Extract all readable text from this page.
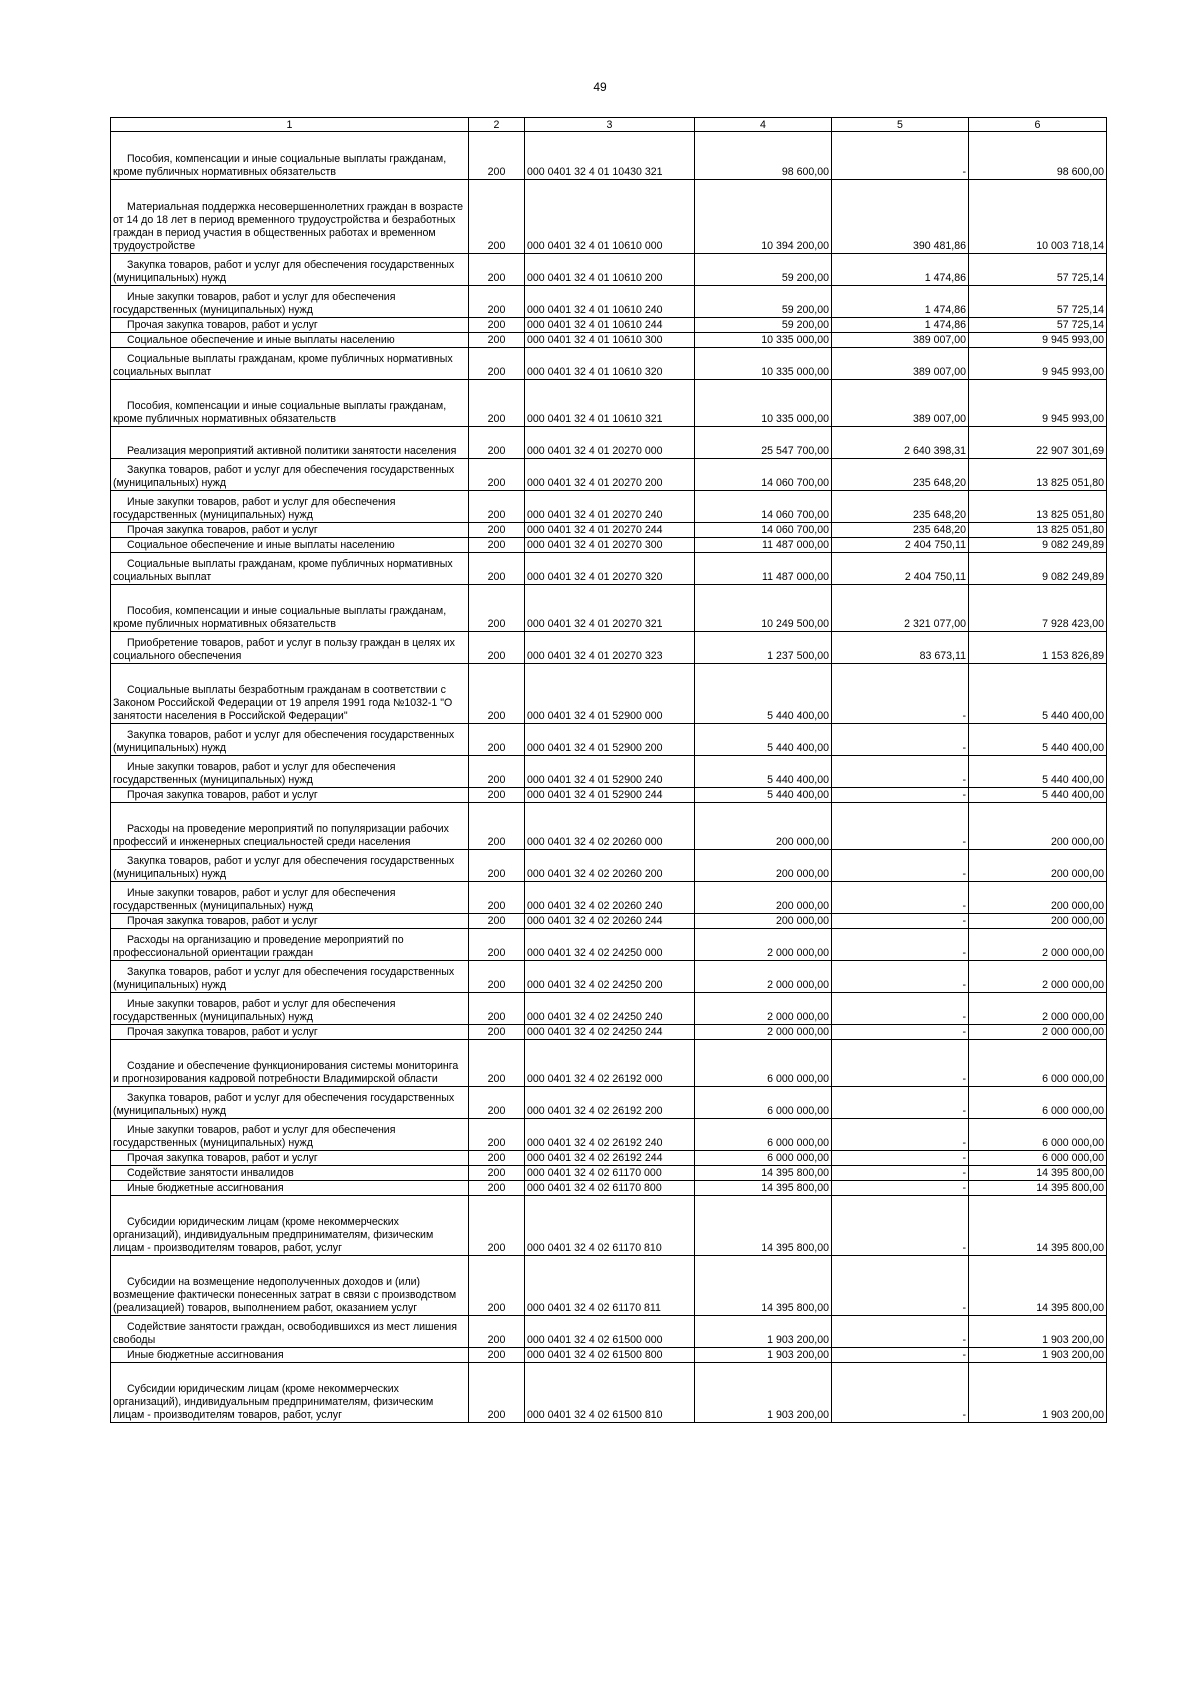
49
1	2	3	4	5	6

Пособия, компенсации и иные социальные выплаты гражданам, кроме публичных нормативных обязательств	200	000 0401 32 4 01 10430 321	98 600,00	-	98 600,00

Материальная поддержка несовершеннолетних граждан в возрасте от 14 до 18 лет в период временного трудоустройства и безработных граждан в период участия в общественных работах и временном трудоустройстве	200	000 0401 32 4 01 10610 000	10 394 200,00	390 481,86	10 003 718,14

Закупка товаров, работ и услуг для обеспечения государственных (муниципальных) нужд	200	000 0401 32 4 01 10610 200	59 200,00	1 474,86	57 725,14

Иные закупки товаров, работ и услуг для обеспечения государственных (муниципальных) нужд	200	000 0401 32 4 01 10610 240	59 200,00	1 474,86	57 725,14

Прочая закупка товаров, работ и услуг	200	000 0401 32 4 01 10610 244	59 200,00	1 474,86	57 725,14

Социальное обеспечение и иные выплаты населению	200	000 0401 32 4 01 10610 300	10 335 000,00	389 007,00	9 945 993,00

Социальные выплаты гражданам, кроме публичных нормативных социальных выплат	200	000 0401 32 4 01 10610 320	10 335 000,00	389 007,00	9 945 993,00

Пособия, компенсации и иные социальные выплаты гражданам, кроме публичных нормативных обязательств	200	000 0401 32 4 01 10610 321	10 335 000,00	389 007,00	9 945 993,00

Реализация мероприятий активной политики занятости населения	200	000 0401 32 4 01 20270 000	25 547 700,00	2 640 398,31	22 907 301,69

Закупка товаров, работ и услуг для обеспечения государственных (муниципальных) нужд	200	000 0401 32 4 01 20270 200	14 060 700,00	235 648,20	13 825 051,80

Иные закупки товаров, работ и услуг для обеспечения государственных (муниципальных) нужд	200	000 0401 32 4 01 20270 240	14 060 700,00	235 648,20	13 825 051,80

Прочая закупка товаров, работ и услуг	200	000 0401 32 4 01 20270 244	14 060 700,00	235 648,20	13 825 051,80

Социальное обеспечение и иные выплаты населению	200	000 0401 32 4 01 20270 300	11 487 000,00	2 404 750,11	9 082 249,89

Социальные выплаты гражданам, кроме публичных нормативных социальных выплат	200	000 0401 32 4 01 20270 320	11 487 000,00	2 404 750,11	9 082 249,89

Пособия, компенсации и иные социальные выплаты гражданам, кроме публичных нормативных обязательств	200	000 0401 32 4 01 20270 321	10 249 500,00	2 321 077,00	7 928 423,00

Приобретение товаров, работ и услуг в пользу граждан в целях их социального обеспечения	200	000 0401 32 4 01 20270 323	1 237 500,00	83 673,11	1 153 826,89

Социальные выплаты безработным гражданам в соответствии с Законом Российской Федерации от 19 апреля 1991 года №1032-1 "О занятости населения в Российской Федерации"	200	000 0401 32 4 01 52900 000	5 440 400,00	-	5 440 400,00

Закупка товаров, работ и услуг для обеспечения государственных (муниципальных) нужд	200	000 0401 32 4 01 52900 200	5 440 400,00	-	5 440 400,00

Иные закупки товаров, работ и услуг для обеспечения государственных (муниципальных) нужд	200	000 0401 32 4 01 52900 240	5 440 400,00	-	5 440 400,00

Прочая закупка товаров, работ и услуг	200	000 0401 32 4 01 52900 244	5 440 400,00	-	5 440 400,00

Расходы на проведение мероприятий по популяризации рабочих профессий и инженерных специальностей среди населения	200	000 0401 32 4 02 20260 000	200 000,00	-	200 000,00

Закупка товаров, работ и услуг для обеспечения государственных (муниципальных) нужд	200	000 0401 32 4 02 20260 200	200 000,00	-	200 000,00

Иные закупки товаров, работ и услуг для обеспечения государственных (муниципальных) нужд	200	000 0401 32 4 02 20260 240	200 000,00	-	200 000,00

Прочая закупка товаров, работ и услуг	200	000 0401 32 4 02 20260 244	200 000,00	-	200 000,00

Расходы на организацию и проведение мероприятий по профессиональной ориентации граждан	200	000 0401 32 4 02 24250 000	2 000 000,00	-	2 000 000,00

Закупка товаров, работ и услуг для обеспечения государственных (муниципальных) нужд	200	000 0401 32 4 02 24250 200	2 000 000,00	-	2 000 000,00

Иные закупки товаров, работ и услуг для обеспечения государственных (муниципальных) нужд	200	000 0401 32 4 02 24250 240	2 000 000,00	-	2 000 000,00

Прочая закупка товаров, работ и услуг	200	000 0401 32 4 02 24250 244	2 000 000,00	-	2 000 000,00

Создание и обеспечение функционирования системы мониторинга и прогнозирования кадровой потребности Владимирской области	200	000 0401 32 4 02 26192 000	6 000 000,00	-	6 000 000,00

Закупка товаров, работ и услуг для обеспечения государственных (муниципальных) нужд	200	000 0401 32 4 02 26192 200	6 000 000,00	-	6 000 000,00

Иные закупки товаров, работ и услуг для обеспечения государственных (муниципальных) нужд	200	000 0401 32 4 02 26192 240	6 000 000,00	-	6 000 000,00

Прочая закупка товаров, работ и услуг	200	000 0401 32 4 02 26192 244	6 000 000,00	-	6 000 000,00

Содействие занятости инвалидов	200	000 0401 32 4 02 61170 000	14 395 800,00	-	14 395 800,00

Иные бюджетные ассигнования	200	000 0401 32 4 02 61170 800	14 395 800,00	-	14 395 800,00

Субсидии юридическим лицам (кроме некоммерческих организаций), индивидуальным предпринимателям, физическим лицам - производителям товаров, работ, услуг	200	000 0401 32 4 02 61170 810	14 395 800,00	-	14 395 800,00

Субсидии на возмещение недополученных доходов и (или) возмещение фактически понесенных затрат в связи с производством (реализацией) товаров, выполнением работ, оказанием услуг	200	000 0401 32 4 02 61170 811	14 395 800,00	-	14 395 800,00

Содействие занятости граждан, освободившихся из мест лишения свободы	200	000 0401 32 4 02 61500 000	1 903 200,00	-	1 903 200,00

Иные бюджетные ассигнования	200	000 0401 32 4 02 61500 800	1 903 200,00	-	1 903 200,00

Субсидии юридическим лицам (кроме некоммерческих организаций), индивидуальным предпринимателям, физическим лицам - производителям товаров, работ, услуг	200	000 0401 32 4 02 61500 810	1 903 200,00	-	1 903 200,00
